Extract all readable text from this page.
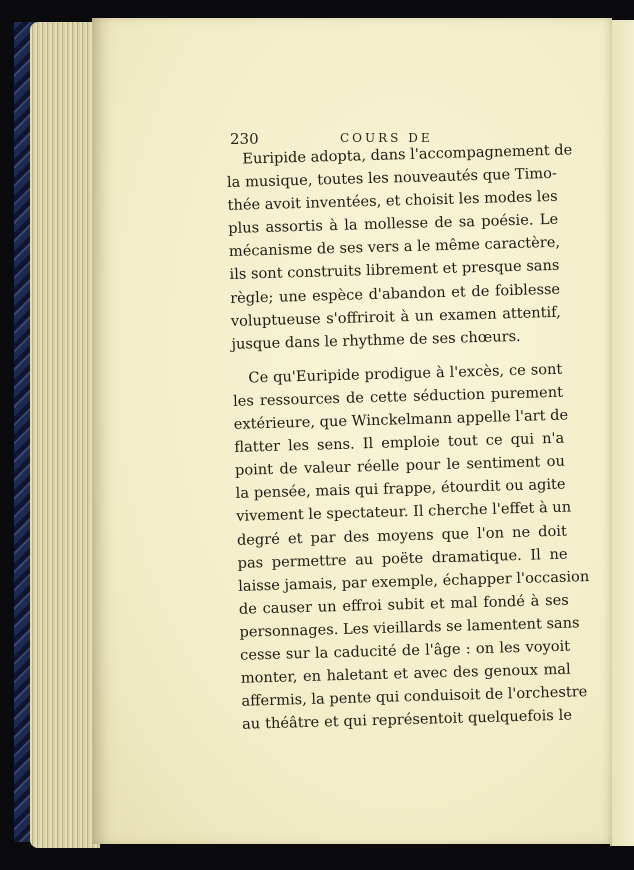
230	COURS DE
Euripide adopta, dans l'accompagnement de
la musique, toutes les nouveautés que Timo-
thée avoit inventées, et choisit les modes les
plus assortis à la mollesse de sa poésie. Le
mécanisme de ses vers a le même caractère,
ils sont construits librement et presque sans
règle; une espèce d'abandon et de foiblesse
voluptueuse s'offriroit à un examen attentif,
jusque dans le rhythme de ses chœurs.
Ce qu'Euripide prodigue à l'excès, ce sont
les ressources de cette séduction purement
extérieure, que Winckelmann appelle l'art de
flatter les sens. Il emploie tout ce qui n'a
point de valeur réelle pour le sentiment ou
la pensée, mais qui frappe, étourdit ou agite
vivement le spectateur. Il cherche l'effet à un
degré et par des moyens que l'on ne doit
pas permettre au poëte dramatique. Il ne
laisse jamais, par exemple, échapper l'occasion
de causer un effroi subit et mal fondé à ses
personnages. Les vieillards se lamentent sans
cesse sur la caducité de l'âge : on les voyoit
monter, en haletant et avec des genoux mal
affermis, la pente qui conduisoit de l'orchestre
au théâtre et qui représentoit quelquefois le
